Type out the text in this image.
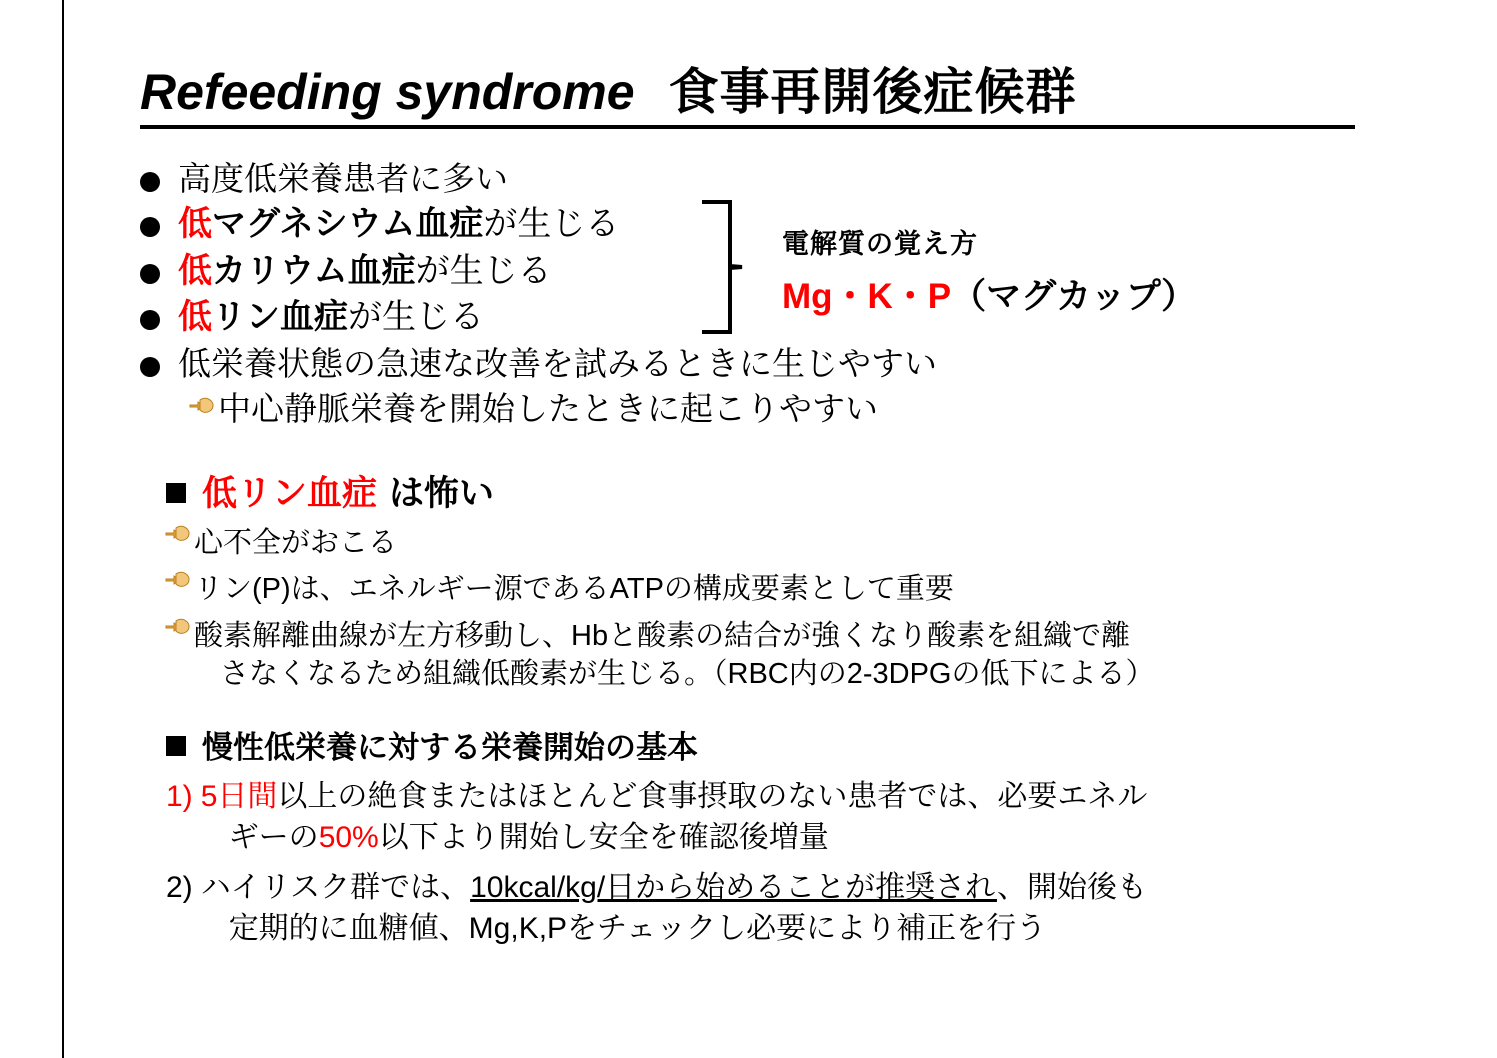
Refeeding syndrome 食事再開後症候群
高度低栄養患者に多い
低マグネシウム血症が生じる
低カリウム血症が生じる
低リン血症が生じる
低栄養状態の急速な改善を試みるときに生じやすい
中心静脈栄養を開始したときに起こりやすい
電解質の覚え方
Mg・K・P（マグカップ）
低リン血症 は怖い
心不全がおこる
リン(P)は、エネルギー源であるATPの構成要素として重要
酸素解離曲線が左方移動し、Hbと酸素の結合が強くなり酸素を組織で離
さなくなるため組織低酸素が生じる。（RBC内の2-3DPGの低下による）
慢性低栄養に対する栄養開始の基本
1) 5日間以上の絶食またはほとんど食事摂取のない患者では、必要エネル
ギーの50%以下より開始し安全を確認後増量
2) ハイリスク群では、10kcal/kg/日から始めることが推奨され、開始後も
定期的に血糖値、Mg,K,Pをチェックし必要により補正を行う
